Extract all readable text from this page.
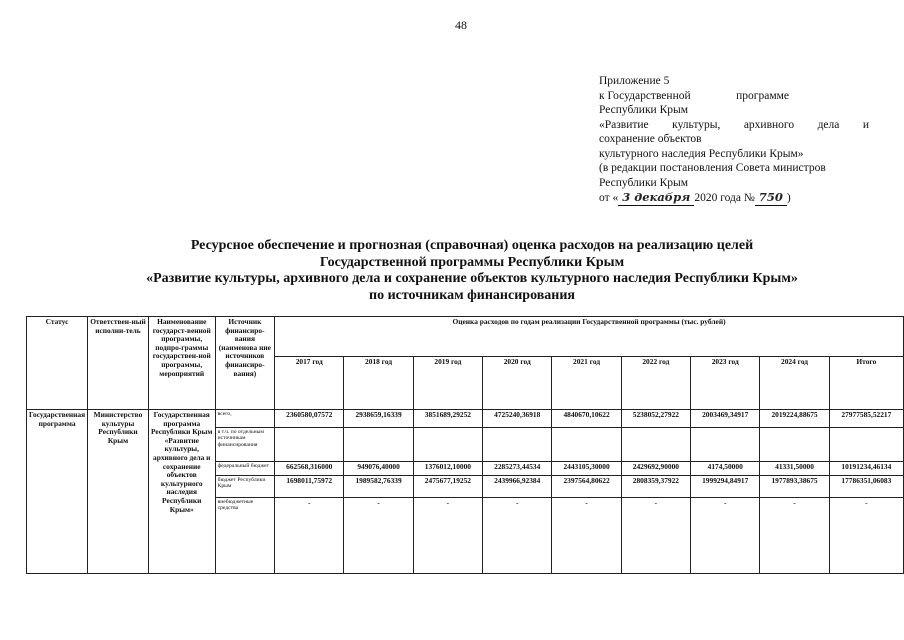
48
Приложение 5
к Государственной	программе
Республики Крым
«Развитие культуры, архивного дела и
сохранение объектов
культурного наследия Республики Крым»
(в редакции постановления Совета министров
Республики Крым
от « 3 декабря 2020 года № 750 )
Ресурсное обеспечение и прогнозная (справочная) оценка расходов на реализацию целей
Государственной программы Республики Крым
«Развитие культуры, архивного дела и сохранение объектов культурного наследия Республики Крым»
по источникам финансирования
Статус	Ответствен-ный исполни-тель	Наименование государст-венной программы, подпро-граммы государствен-ной программы, мероприятий	Источник финансиро-вания (наименова ние источников финансиро-вания)	Оценка расходов по годам реализации Государственной программы (тыс. рублей)								
				2017 год	2018 год	2019 год	2020 год	2021 год	2022 год	2023 год	2024 год	Итого
Государственная программа	Министерство культуры Республики Крым	Государственная программа Республики Крым «Развитие культуры, архивного дела и сохранение объектов культурного наследия Республики Крым»	всего,	2360580,07572	2938659,16339	3851689,29252	4725240,36918	4840670,10622	5238052,27922	2003469,34917	2019224,88675	27977585,52217
			в т.ч. по отдельным источникам финансирования									
			федеральный бюджет	662568,316000	949076,40000	1376012,10000	2285273,44534	2443105,30000	2429692,90000	4174,50000	41331,50000	10191234,46134
			бюджет Республики Крым	1698011,75972	1989582,76339	2475677,19252	2439966,92384	2397564,80622	2808359,37922	1999294,84917	1977893,38675	17786351,06083
			внебюджетные средства	-	-	-	-	-	-	-	-	-
